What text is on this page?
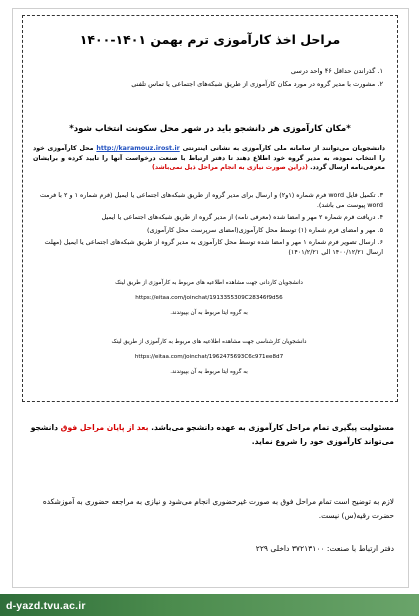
مراحل اخذ کارآموزی ترم بهمن ۱۴۰۱-۱۴۰۰
۱. گذراندن حداقل ۴۶ واحد درسی
۲. مشورت با مدیر گروه در مورد مکان کارآموزی از طریق شبکه‌های اجتماعی یا تماس تلفنی
*مکان کارآموزی هر دانشجو باید در شهر محل سکونت انتخاب شود*
دانشجویان می‌توانند از سامانه ملی کارآموزی به نشانی اینترنتی http://karamouz.irost.ir محل کارآموزی خود را انتخاب نموده، به مدیر گروه خود اطلاع دهند تا دفتر ارتباط با صنعت درخواست آنها را تایید کرده و برایشان معرفی‌نامه ارسال گردد. (دراین صورت نیازی به انجام مراحل ذیل نمی‌باشد)
۳. تکمیل فایل word فرم شماره (۱و۲) و ارسال برای مدیر گروه از طریق شبکه‌های اجتماعی یا ایمیل (فرم شماره ۱ و ۲ با فرمت word پیوست می باشد).
۴. دریافت فرم شماره ۲ مهر و امضا شده (معرفی نامه) از مدیر گروه از طریق شبکه‌های اجتماعی یا ایمیل
۵. مهر و امضای فرم شماره (۱) توسط محل کارآموزی(امضای سرپرست محل کارآموزی)
۶. ارسال تصویر فرم شماره ۱ مهر و امضا شده توسط محل کارآموزی به مدیر گروه از طریق شبکه‌های اجتماعی یا ایمیل (مهلت ارسال ۱۴۰۰/۱۲/۲۱ الی ۱۴۰۱/۲/۲۱)
دانشجویان کاردانی جهت مشاهده اطلاعیه های مربوط به کارآموزی از طریق لینک
https://eitaa.com/joinchat/1913355309C28346f9d56
به گروه ایتا مربوط به آن بپیوندند.
دانشجویان کارشناسی جهت مشاهده اطلاعیه های مربوط به کارآموزی از طریق لینک
https://eitaa.com/joinchat/1962475693C6c971ee8d7
به گروه ایتا مربوط به آن بپیوندند.
مسئولیت پیگیری تمام مراحل کارآموزی به عهده دانشجو می‌باشد. بعد از پایان مراحل فوق دانشجو می‌تواند کارآموزی خود را شروع نماید.
لازم به توضیح است تمام مراحل فوق به صورت غیرحضوری انجام می‌شود و نیازی به مراجعه حضوری به آموزشکده حضرت رقیه(س) نیست.
دفتر ارتباط با صنعت: ۳۷۲۱۳۱۰۰ داخلی ۲۲۹
d-yazd.tvu.ac.ir
